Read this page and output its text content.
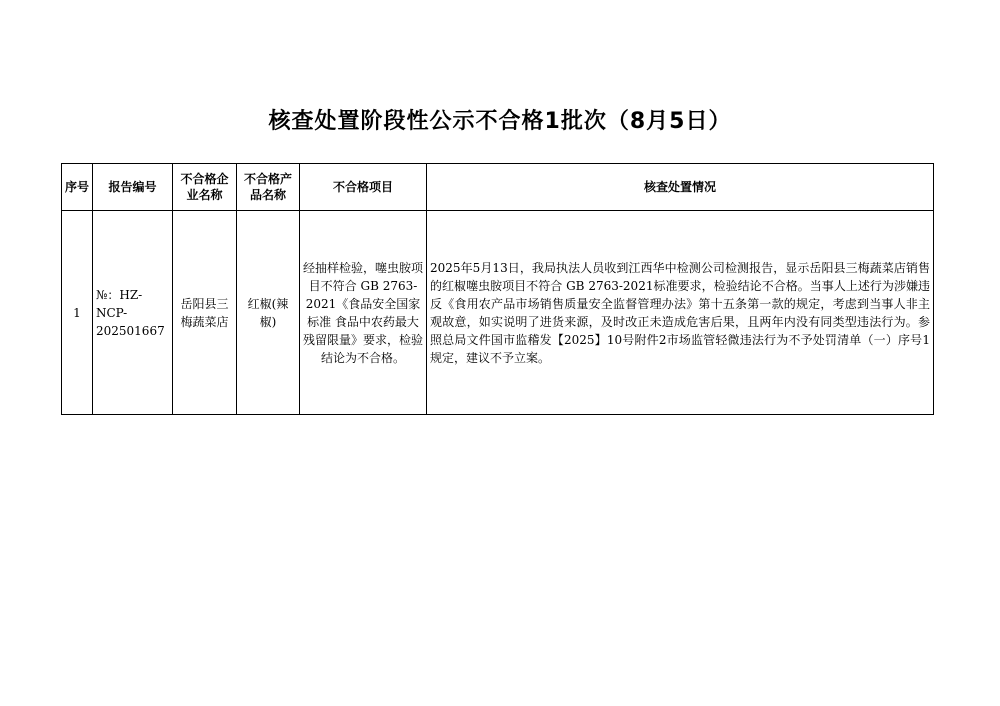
核查处置阶段性公示不合格1批次（8月5日）
序号	报告编号	不合格企业名称	不合格产品名称	不合格项目	核查处置情况
1	№：HZ-NCP-202501667	岳阳县三梅蔬菜店	红椒(辣椒)	经抽样检验，噻虫胺项目不符合 GB 2763-2021《食品安全国家标准 食品中农药最大残留限量》要求，检验结论为不合格。	2025年5月13日，我局执法人员收到江西华中检测公司检测报告，显示岳阳县三梅蔬菜店销售的红椒噻虫胺项目不符合 GB 2763-2021标准要求，检验结论不合格。当事人上述行为涉嫌违反《食用农产品市场销售质量安全监督管理办法》第十五条第一款的规定，考虑到当事人非主观故意，如实说明了进货来源，及时改正未造成危害后果，且两年内没有同类型违法行为。参照总局文件国市监稽发【2025】10号附件2市场监管轻微违法行为不予处罚清单（一）序号1规定，建议不予立案。
